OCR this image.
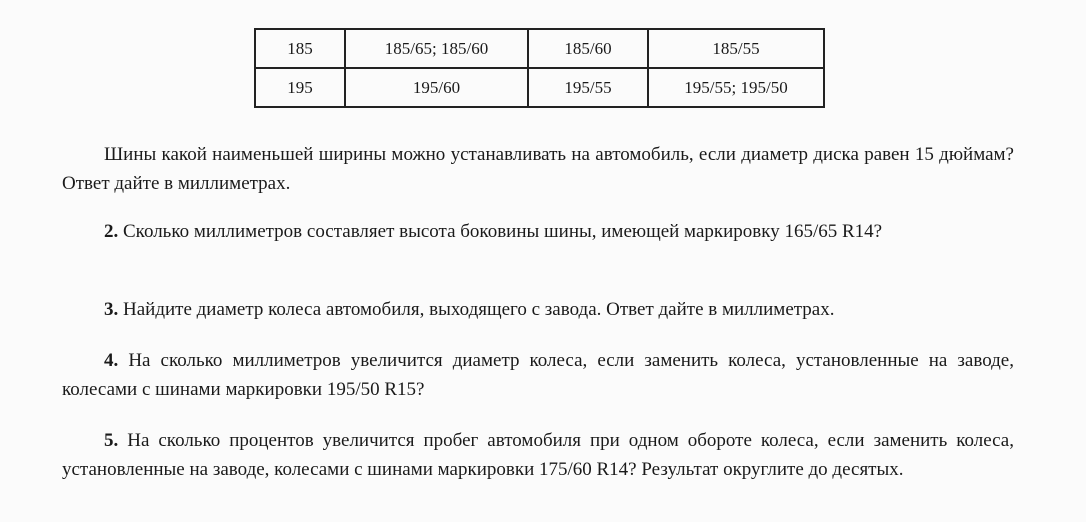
185	185/65; 185/60	185/60	185/55
195	195/60	195/55	195/55; 195/50

Шины какой наименьшей ширины можно устанавливать на автомобиль, если диаметр диска равен 15 дюймам? Ответ дайте в миллиметрах.

2. Сколько миллиметров составляет высота боковины шины, имеющей маркировку 165/65 R14?

3. Найдите диаметр колеса автомобиля, выходящего с завода. Ответ дайте в миллиметрах.

4. На сколько миллиметров увеличится диаметр колеса, если заменить колеса, установленные на заводе, колесами с шинами маркировки 195/50 R15?

5. На сколько процентов увеличится пробег автомобиля при одном обороте колеса, если заменить колеса, установленные на заводе, колесами с шинами маркировки 175/60 R14? Результат округлите до десятых.
